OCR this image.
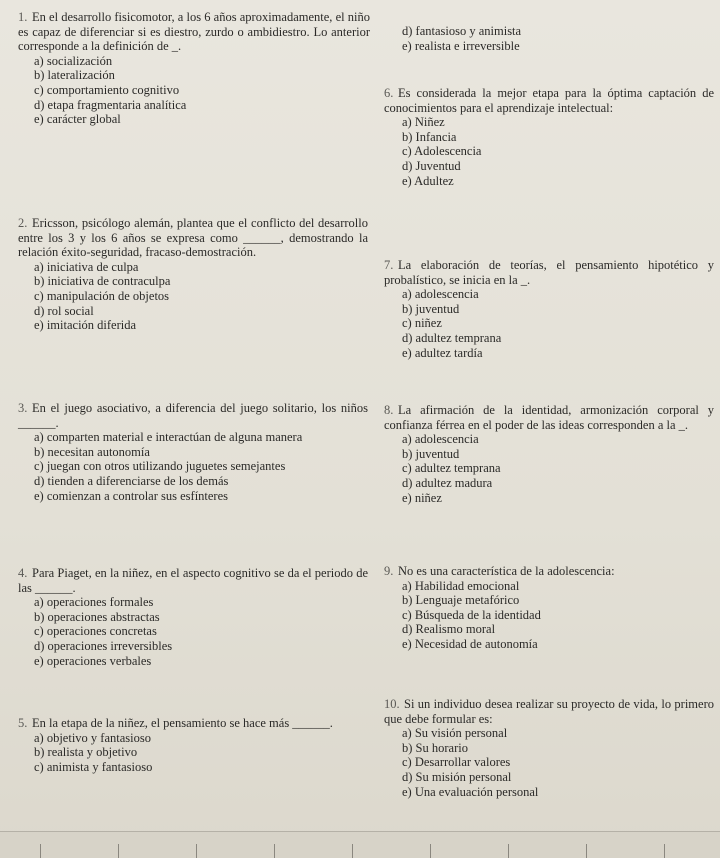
1. En el desarrollo fisicomotor, a los 6 años aproximadamente, el niño es capaz de diferenciar si es diestro, zurdo o ambidiestro. Lo anterior corresponde a la definición de _.
a) socialización
b) lateralización
c) comportamiento cognitivo
d) etapa fragmentaria analítica
e) carácter global
2. Ericsson, psicólogo alemán, plantea que el conflicto del desarrollo entre los 3 y los 6 años se expresa como ______, demostrando la relación éxito-seguridad, fracaso-demostración.
a) iniciativa de culpa
b) iniciativa de contraculpa
c) manipulación de objetos
d) rol social
e) imitación diferida
3. En el juego asociativo, a diferencia del juego solitario, los niños ______.
a) comparten material e interactúan de alguna manera
b) necesitan autonomía
c) juegan con otros utilizando juguetes semejantes
d) tienden a diferenciarse de los demás
e) comienzan a controlar sus esfínteres
4. Para Piaget, en la niñez, en el aspecto cognitivo se da el periodo de las ______.
a) operaciones formales
b) operaciones abstractas
c) operaciones concretas
d) operaciones irreversibles
e) operaciones verbales
5. En la etapa de la niñez, el pensamiento se hace más ______.
a) objetivo y fantasioso
b) realista y objetivo
c) animista y fantasioso
d) fantasioso y animista
e) realista e irreversible
6. Es considerada la mejor etapa para la óptima captación de conocimientos para el aprendizaje intelectual:
a) Niñez
b) Infancia
c) Adolescencia
d) Juventud
e) Adultez
7. La elaboración de teorías, el pensamiento hipotético y probalístico, se inicia en la _.
a) adolescencia
b) juventud
c) niñez
d) adultez temprana
e) adultez tardía
8. La afirmación de la identidad, armonización corporal y confianza férrea en el poder de las ideas corresponden a la _.
a) adolescencia
b) juventud
c) adultez temprana
d) adultez madura
e) niñez
9. No es una característica de la adolescencia:
a) Habilidad emocional
b) Lenguaje metafórico
c) Búsqueda de la identidad
d) Realismo moral
e) Necesidad de autonomía
10. Si un individuo desea realizar su proyecto de vida, lo primero que debe formular es:
a) Su visión personal
b) Su horario
c) Desarrollar valores
d) Su misión personal
e) Una evaluación personal
